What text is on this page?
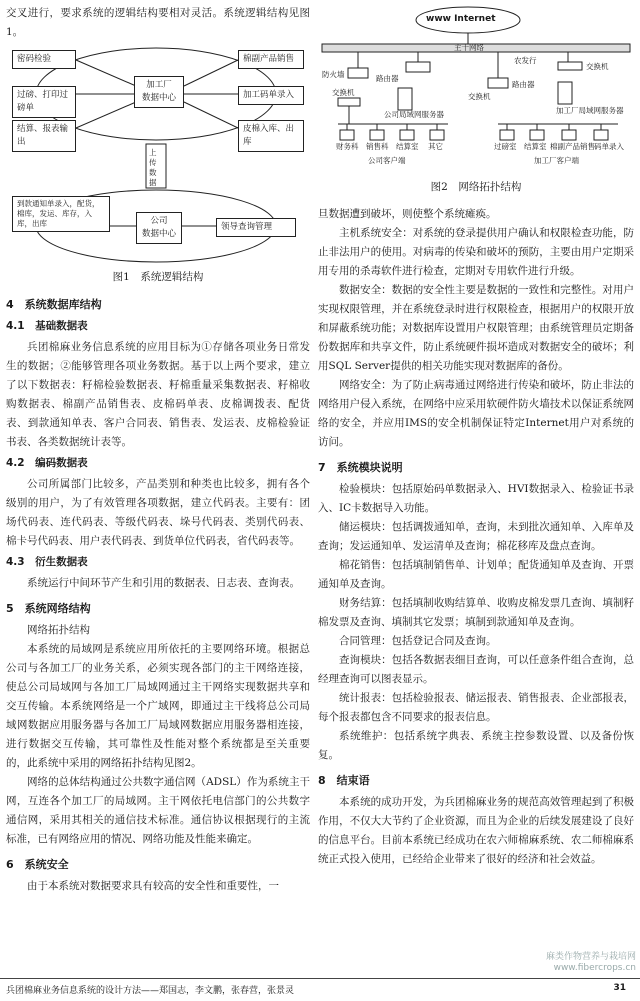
交叉进行，要求系统的逻辑结构要相对灵活。系统逻辑结构见图1。

密码检验
过磅、打印过磅单
结算、报表输出
棉副产品销售
加工码单录入
皮棉入库、出库
加工厂
数据中心
上传数据
到款通知单录入，配货，棉库，发运、库存，入库，出库	公司
数据中心
领导查询管理
图1　系统逻辑结构
4　系统数据库结构
4.1　基础数据表

兵团棉麻业务信息系统的应用目标为①存储各项业务日常发生的数据；②能够管理各项业务数据。基于以上两个要求，建立了以下数据表：籽棉检验数据表、籽棉重量采集数据表、籽棉收购数据表、棉副产品销售表、皮棉码单表、皮棉调拨表、配货表、到款通知单表、客户合同表、销售表、发运表、皮棉检验证书表、各类数据统计表等。

4.2　编码数据表

公司所属部门比较多，产品类别和种类也比较多，拥有各个级别的用户，为了有效管理各项数据，建立代码表。主要有：团场代码表、连代码表、等级代码表、垛号代码表、类别代码表、棉卡号代码表、用户表代码表、到货单位代码表，省代码表等。

4.3　衍生数据表

系统运行中间环节产生和引用的数据表、日志表、查询表。

5　系统网络结构
网络拓扑结构

本系统的局域网是系统应用所依托的主要网络环境。根据总公司与各加工厂的业务关系，必须实现各部门的主干网络连接，使总公司局域网与各加工厂局域网通过主干网络实现数据共享和交互传输。本系统网络是一个广域网，即通过主干线将总公司局域网数据应用服务器与各加工厂局域网数据应用服务器相连接，进行数据交互传输，其可靠性及性能对整个系统都是至关重要的，此系统中采用的网络拓扑结构见图2。

网络的总体结构通过公共数字通信网（ADSL）作为系统主干网，互连各个加工厂的局域网。主干网依托电信部门的公共数字通信网，采用其相关的通信技术标准。通信协议根据现行的主流标准，已有网络应用的情况、网络功能及性能来确定。

6　系统安全

由于本系统对数据要求具有较高的安全性和重要性，一

www Internet
主干网络
防火墙	路由器
交换机
公司局域网服务器
财务科 销售科 结算室 其它
公司客户端
农发行
交换机
路由器
交换机
加工厂局域网服务器
过磅室 结算室 棉副产品销售 码单录入
加工厂客户端
图2　网络拓扑结构

旦数据遭到破坏，则使整个系统瘫痪。

主机系统安全：对系统的登录提供用户确认和权限检查功能，防止非法用户的使用。对病毒的传染和破坏的预防，主要由用户定期采用专用的杀毒软件进行检查，定期对专用软件进行升级。

数据安全：数据的安全性主要是数据的一致性和完整性。对用户实现权限管理，并在系统登录时进行权限检查，根据用户的权限开放和屏蔽系统功能；对数据库设置用户权限管理；由系统管理员定期备份数据库和共享文件，防止系统硬件损坏造成对数据安全的破坏；利用SQL Server提供的相关功能实现对数据库的备份。

网络安全：为了防止病毒通过网络进行传染和破坏，防止非法的网络用户侵入系统，在网络中应采用软硬件防火墙技术以保证系统网络的安全，并应用IMS的安全机制保证特定Internet用户对系统的访问。

7　系统模块说明

检验模块：包括原始码单数据录入、HVI数据录入、检验证书录入、IC卡数据导入功能。

储运模块：包括调拨通知单，查询，未到批次通知单、入库单及查询；发运通知单、发运清单及查询；棉花移库及盘点查询。

棉花销售：包括填制销售单、计划单；配货通知单及查询、开票通知单及查询。

财务结算：包括填制收购结算单、收购皮棉发票几查询、填制籽棉发票及查询、填制其它发票；填制到款通知单及查询。

合同管理：包括登记合同及查询。

查询模块：包括各数据表细目查询，可以任意条件组合查询，总经理查询可以图表显示。

统计报表：包括检验报表、储运报表、销售报表、企业部报表，每个报表都包含不同要求的报表信息。

系统维护：包括系统字典表、系统主控参数设置、以及备份恢复。

8　结束语

本系统的成功开发，为兵团棉麻业务的规范高效管理起到了积极作用，不仅大大节约了企业资源，而且为企业的后续发展建设了良好的信息平台。目前本系统已经成功在农六师棉麻系统、农二师棉麻系统正式投入使用，已经给企业带来了很好的经济和社会效益。

麻类作物营养与栽培网
www.fibercrops.cn
兵团棉麻业务信息系统的设计方法——郑国志，李文鹏，张春营，张景灵	31
